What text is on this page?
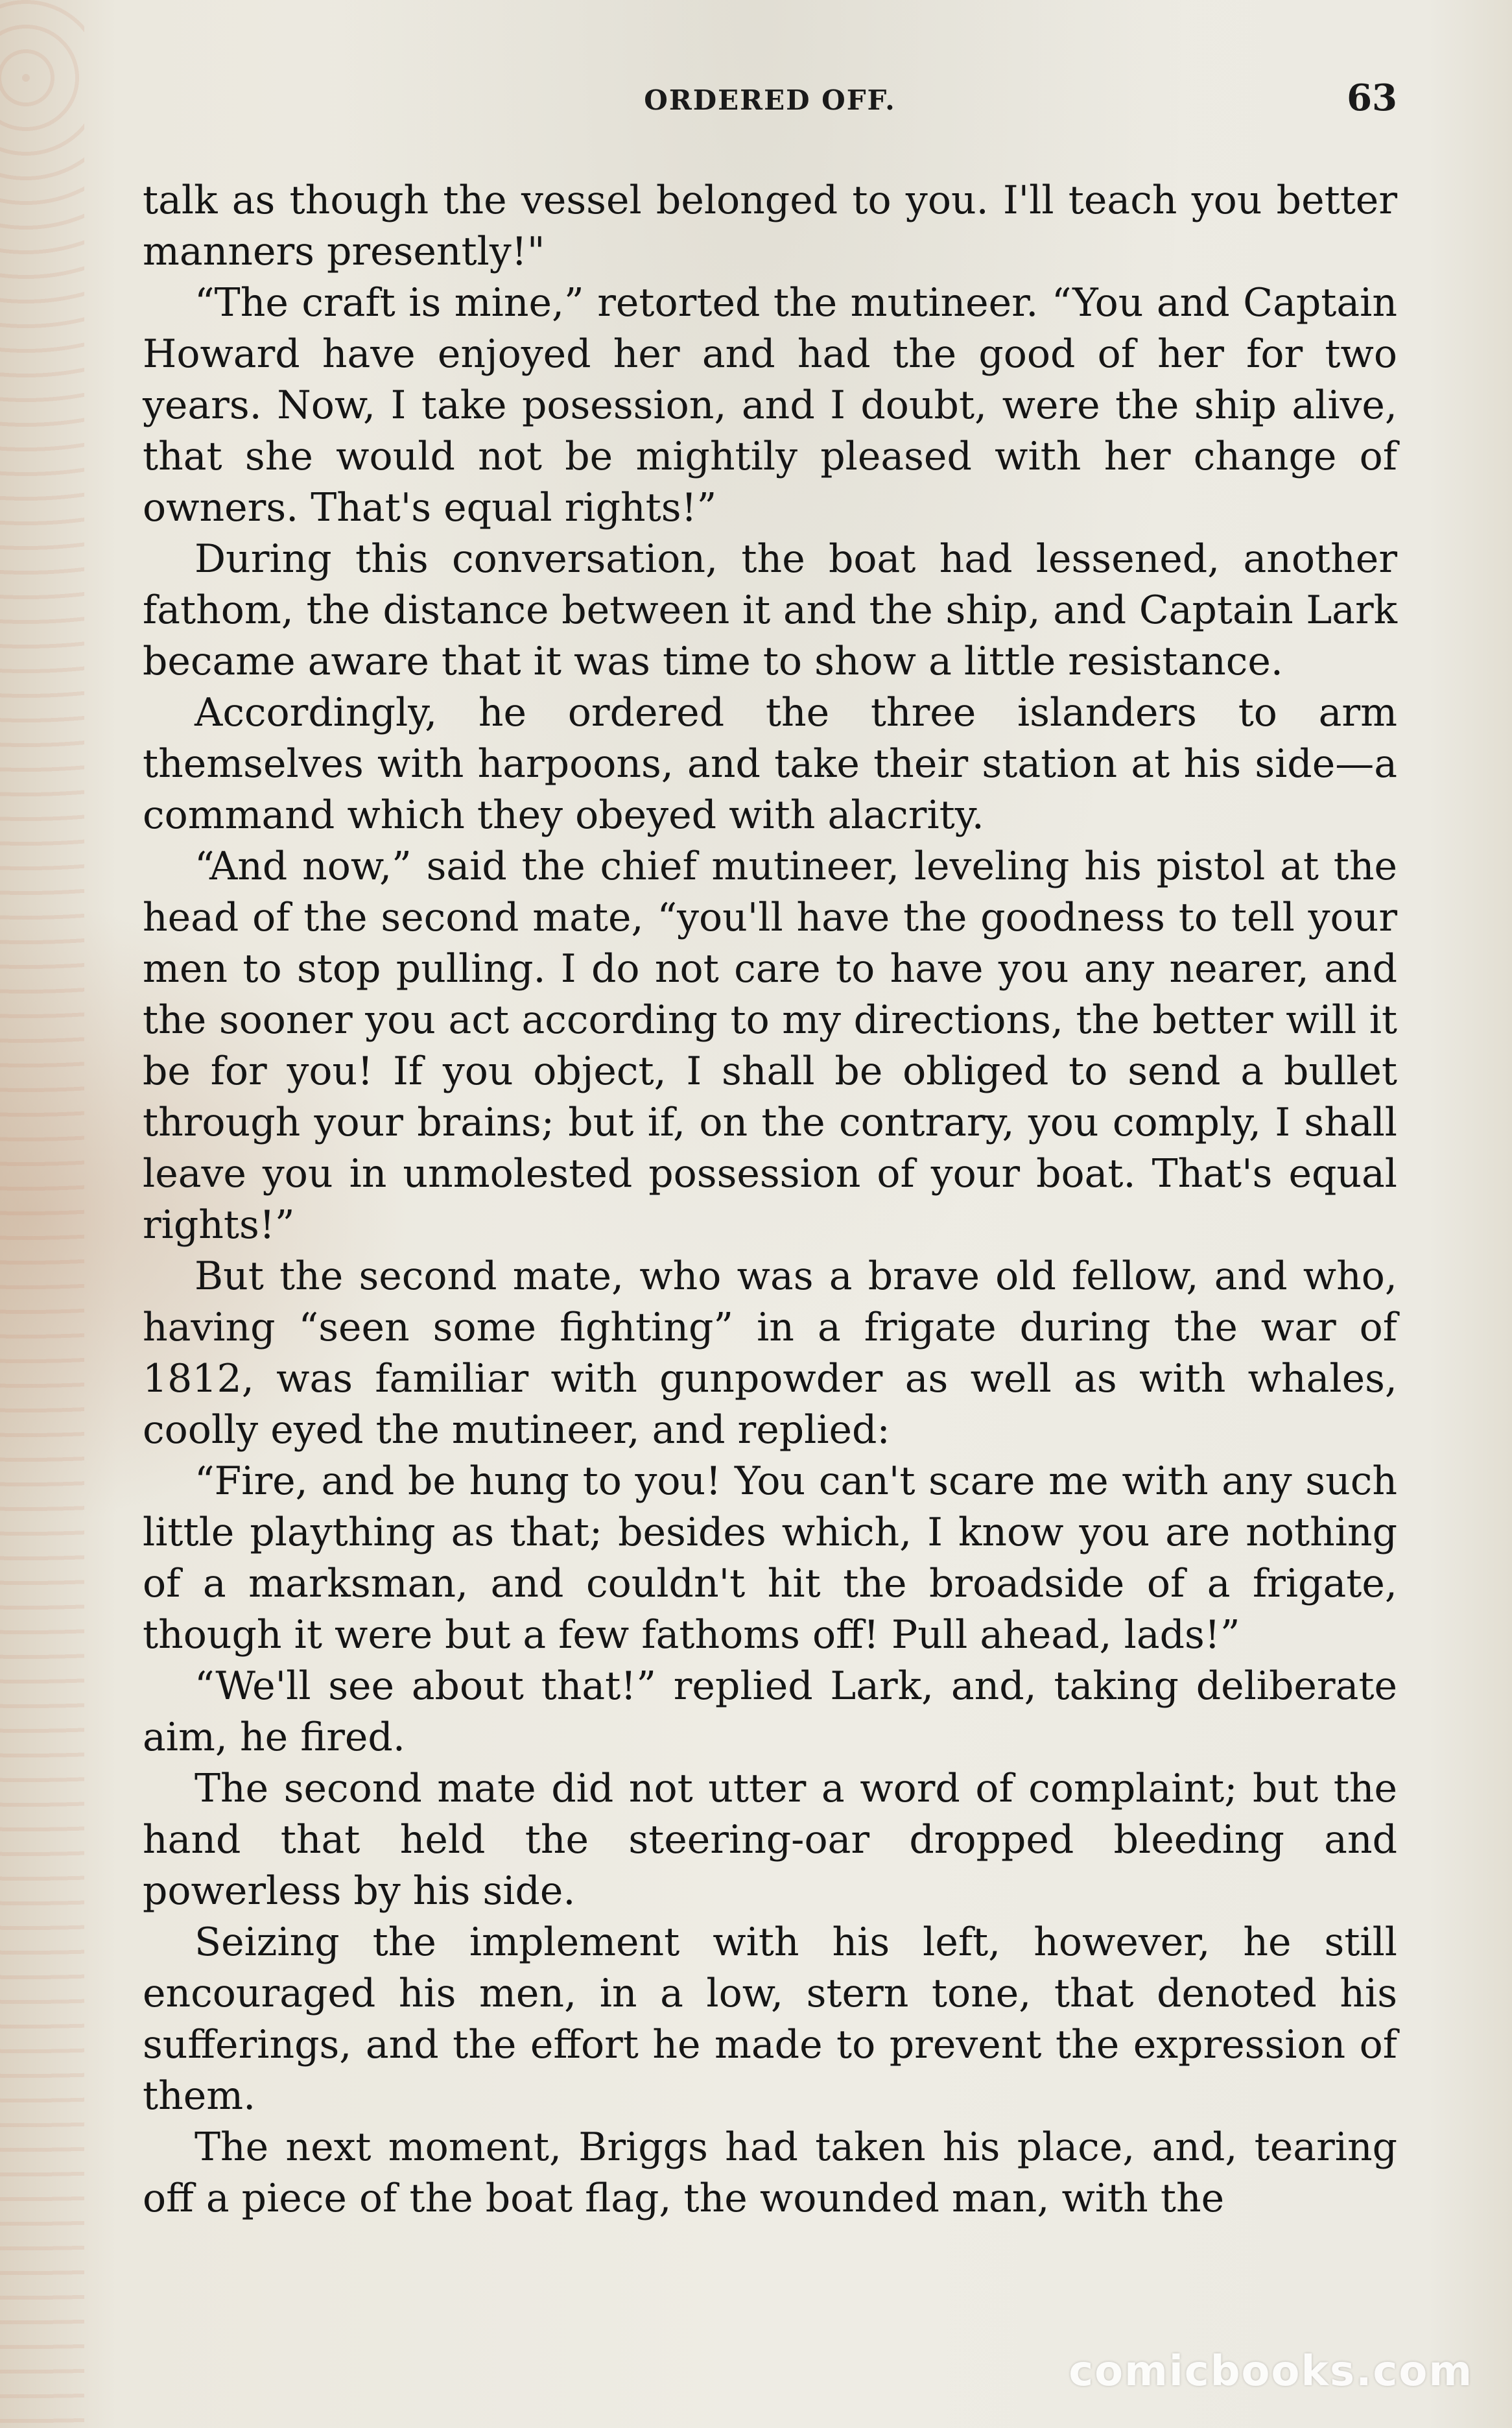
ORDERED OFF.	63

talk as though the vessel belonged to you. I'll teach you better manners presently!"

“The craft is mine,” retorted the mutineer. “You and Captain Howard have enjoyed her and had the good of her for two years. Now, I take posession, and I doubt, were the ship alive, that she would not be mightily pleased with her change of owners. That's equal rights!”

During this conversation, the boat had lessened, another fathom, the distance between it and the ship, and Captain Lark became aware that it was time to show a little resistance.

Accordingly, he ordered the three islanders to arm themselves with harpoons, and take their station at his side—a command which they obeyed with alacrity.

“And now,” said the chief mutineer, leveling his pistol at the head of the second mate, “you'll have the goodness to tell your men to stop pulling. I do not care to have you any nearer, and the sooner you act according to my directions, the better will it be for you! If you object, I shall be obliged to send a bullet through your brains; but if, on the contrary, you comply, I shall leave you in unmolested possession of your boat. That's equal rights!”

But the second mate, who was a brave old fellow, and who, having “seen some fighting” in a frigate during the war of 1812, was familiar with gunpowder as well as with whales, coolly eyed the mutineer, and replied:

“Fire, and be hung to you! You can't scare me with any such little plaything as that; besides which, I know you are nothing of a marksman, and couldn't hit the broadside of a frigate, though it were but a few fathoms off! Pull ahead, lads!”

“We'll see about that!” replied Lark, and, taking deliberate aim, he fired.

The second mate did not utter a word of complaint; but the hand that held the steering-oar dropped bleeding and powerless by his side.

Seizing the implement with his left, however, he still encouraged his men, in a low, stern tone, that denoted his sufferings, and the effort he made to prevent the expression of them.

The next moment, Briggs had taken his place, and, tearing off a piece of the boat flag, the wounded man, with the

comicbooks.com
